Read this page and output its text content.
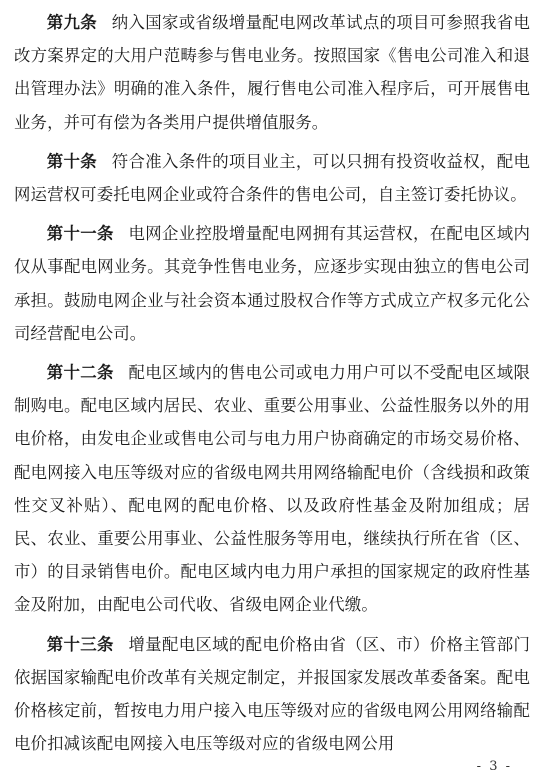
第九条 纳入国家或省级增量配电网改革试点的项目可参照我省电改方案界定的大用户范畴参与售电业务。按照国家《售电公司准入和退出管理办法》明确的准入条件，履行售电公司准入程序后，可开展售电业务，并可有偿为各类用户提供增值服务。

第十条 符合准入条件的项目业主，可以只拥有投资收益权，配电网运营权可委托电网企业或符合条件的售电公司，自主签订委托协议。

第十一条 电网企业控股增量配电网拥有其运营权，在配电区域内仅从事配电网业务。其竞争性售电业务，应逐步实现由独立的售电公司承担。鼓励电网企业与社会资本通过股权合作等方式成立产权多元化公司经营配电公司。

第十二条 配电区域内的售电公司或电力用户可以不受配电区域限制购电。配电区域内居民、农业、重要公用事业、公益性服务以外的用电价格，由发电企业或售电公司与电力用户协商确定的市场交易价格、配电网接入电压等级对应的省级电网共用网络输配电价（含线损和政策性交叉补贴）、配电网的配电价格、以及政府性基金及附加组成；居民、农业、重要公用事业、公益性服务等用电，继续执行所在省（区、市）的目录销售电价。配电区域内电力用户承担的国家规定的政府性基金及附加，由配电公司代收、省级电网企业代缴。

第十三条 增量配电区域的配电价格由省（区、市）价格主管部门依据国家输配电价改革有关规定制定，并报国家发展改革委备案。配电价格核定前，暂按电力用户接入电压等级对应的省级电网公用网络输配电价扣减该配电网接入电压等级对应的省级电网公用

- 3 -
